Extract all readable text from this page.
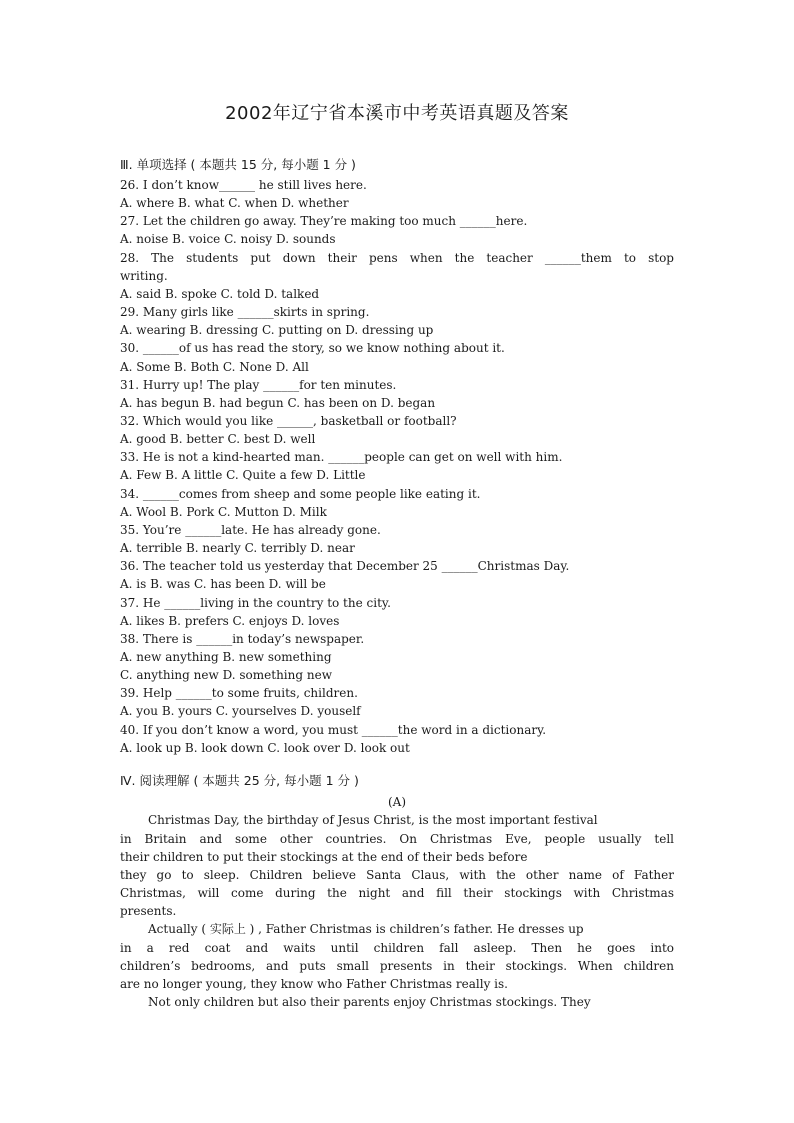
2002年辽宁省本溪市中考英语真题及答案
Ⅲ. 单项选择 ( 本题共 15 分, 每小题 1 分 )
26. I don’t know______ he still lives here.
A. where B. what C. when D. whether
27. Let the children go away. They’re making too much ______here.
A. noise B. voice C. noisy D. sounds
28. The students put down their pens when the teacher ______them to stop
writing.
A. said B. spoke C. told D. talked
29. Many girls like ______skirts in spring.
A. wearing B. dressing C. putting on D. dressing up
30. ______of us has read the story, so we know nothing about it.
A. Some B. Both C. None D. All
31. Hurry up! The play ______for ten minutes.
A. has begun B. had begun C. has been on D. began
32. Which would you like ______, basketball or football?
A. good B. better C. best D. well
33. He is not a kind-hearted man. ______people can get on well with him.
A. Few B. A little C. Quite a few D. Little
34. ______comes from sheep and some people like eating it.
A. Wool B. Pork C. Mutton D. Milk
35. You’re ______late. He has already gone.
A. terrible B. nearly C. terribly D. near
36. The teacher told us yesterday that December 25 ______Christmas Day.
A. is B. was C. has been D. will be
37. He ______living in the country to the city.
A. likes B. prefers C. enjoys D. loves
38. There is ______in today’s newspaper.
A. new anything B. new something
C. anything new D. something new
39. Help ______to some fruits, children.
A. you B. yours C. yourselves D. youself
40. If you don’t know a word, you must ______the word in a dictionary.
A. look up B. look down C. look over D. look out
Ⅳ. 阅读理解 ( 本题共 25 分, 每小题 1 分 )
(A)
Christmas Day, the birthday of Jesus Christ, is the most important festival
in Britain and some other countries. On Christmas Eve, people usually tell
their children to put their stockings at the end of their beds before
they go to sleep. Children believe Santa Claus, with the other name of Father
Christmas, will come during the night and fill their stockings with Christmas
presents.
Actually ( 实际上 ) , Father Christmas is children’s father. He dresses up
in a red coat and waits until children fall asleep. Then he goes into
children’s bedrooms, and puts small presents in their stockings. When children
are no longer young, they know who Father Christmas really is.
Not only children but also their parents enjoy Christmas stockings. They
